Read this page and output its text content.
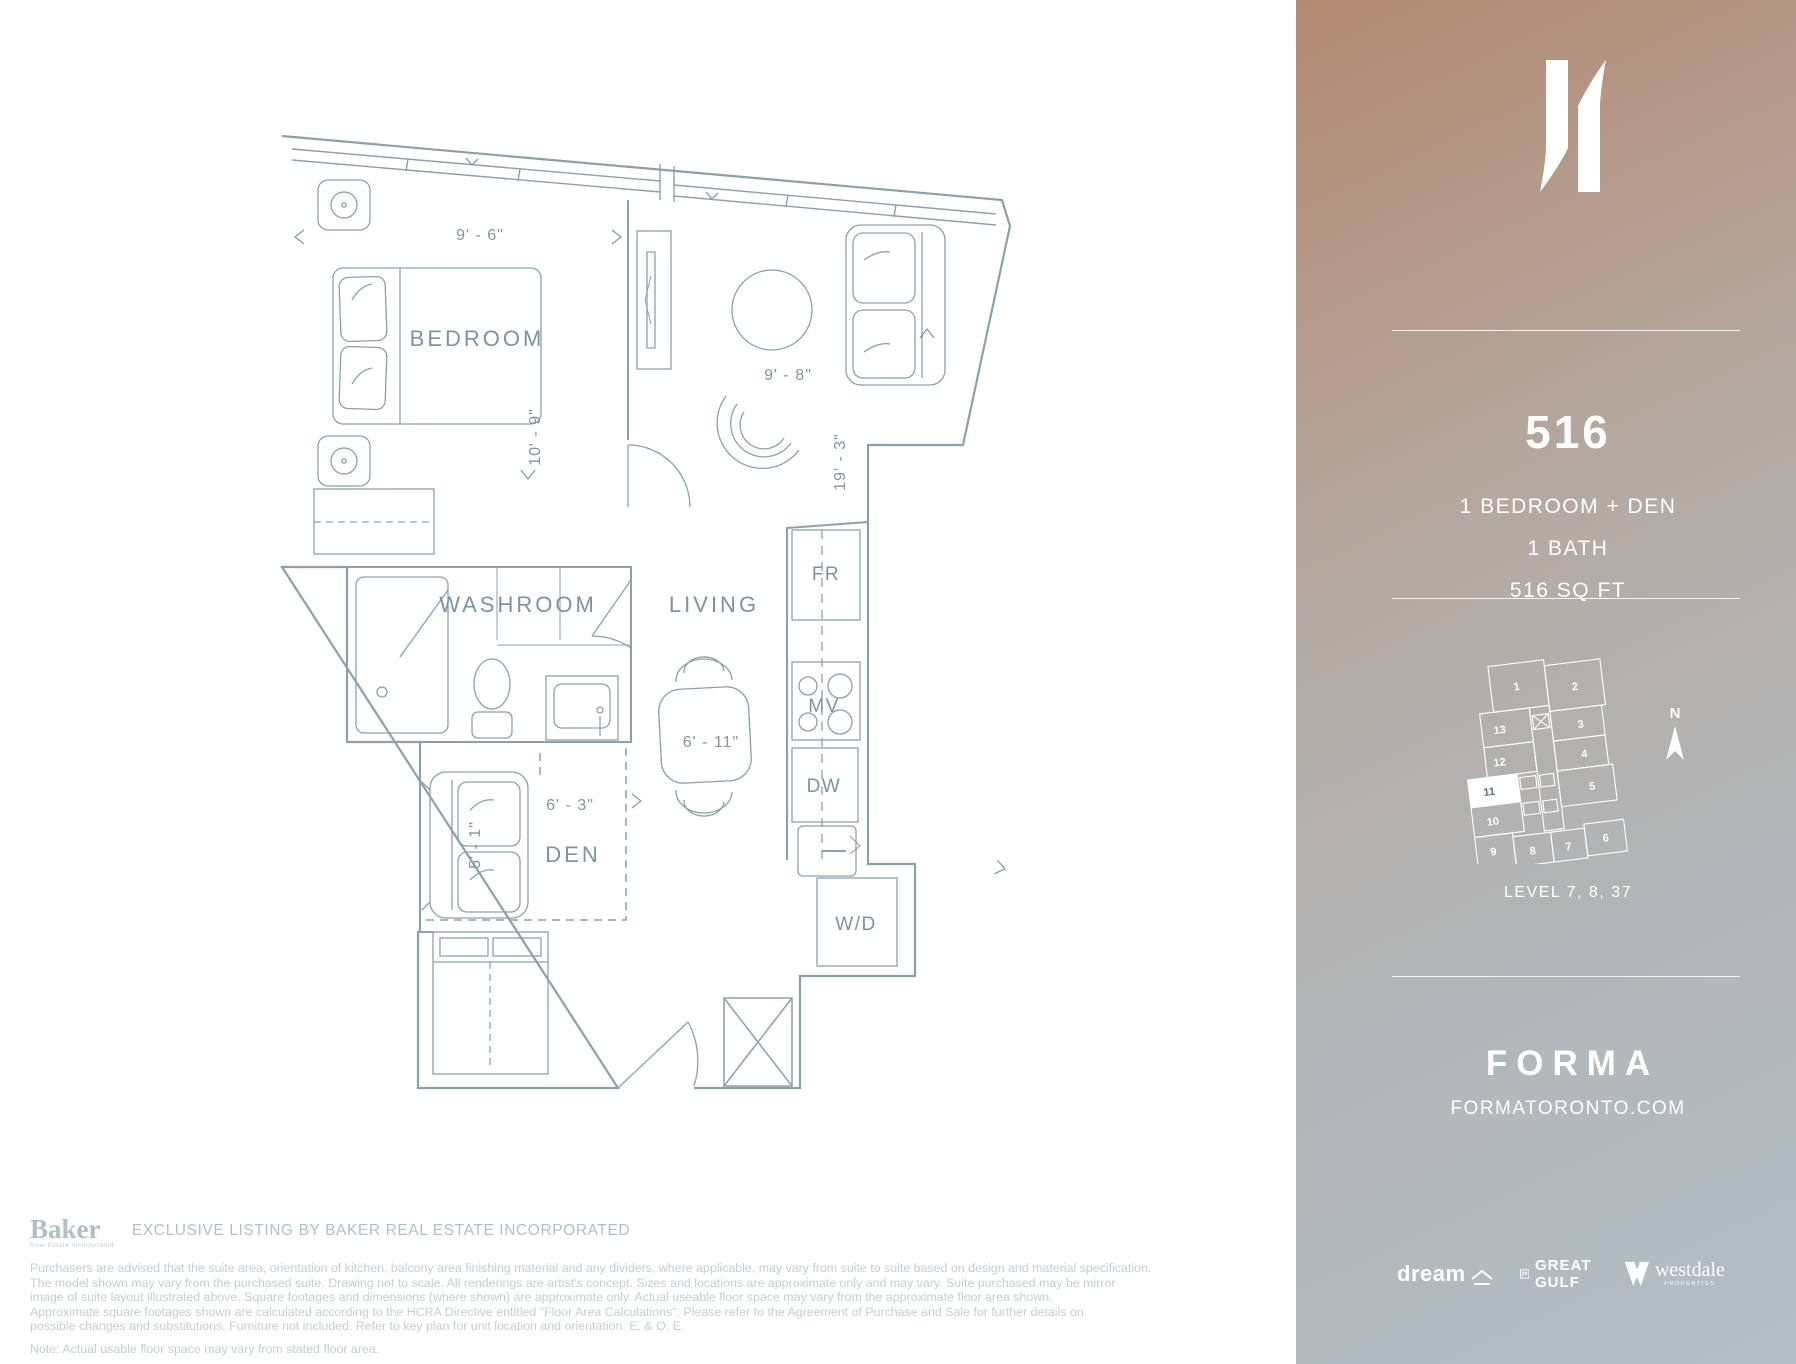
BEDROOM
WASHROOM	LIVING
DEN
FR
MV
DW
W/D
9' - 6"
10' - 9"
9' - 8"
19' - 3"
6' - 11"
6' - 3"
5' - 1"
Baker
Real Estate Incorporated
EXCLUSIVE LISTING BY BAKER REAL ESTATE INCORPORATED
Purchasers are advised that the suite area, orientation of kitchen, balcony area finishing material and any dividers, where applicable, may vary from suite to suite based on design and material specification.
The model shown may vary from the purchased suite. Drawing not to scale. All renderings are artist's concept. Sizes and locations are approximate only and may vary. Suite purchased may be mirror
image of suite layout illustrated above. Square footages and dimensions (where shown) are approximate only. Actual useable floor space may vary from the approximate floor area shown.
Approximate square footages shown are calculated according to the HCRA Directive entitled "Floor Area Calculations". Please refer to the Agreement of Purchase and Sale for further details on
possible changes and substitutions. Furniture not included. Refer to key plan for unit location and orientation. E. & O. E.
Note: Actual usable floor space may vary from stated floor area.
516
1 BEDROOM + DEN
1 BATH
516 SQ FT
1	2
13	3
12
4
11
10
5
9	8	7
6
N
LEVEL 7, 8, 37
FORMA
FORMATORONTO.COM
dream	GREAT GULF
westdale
PROPERTIES
